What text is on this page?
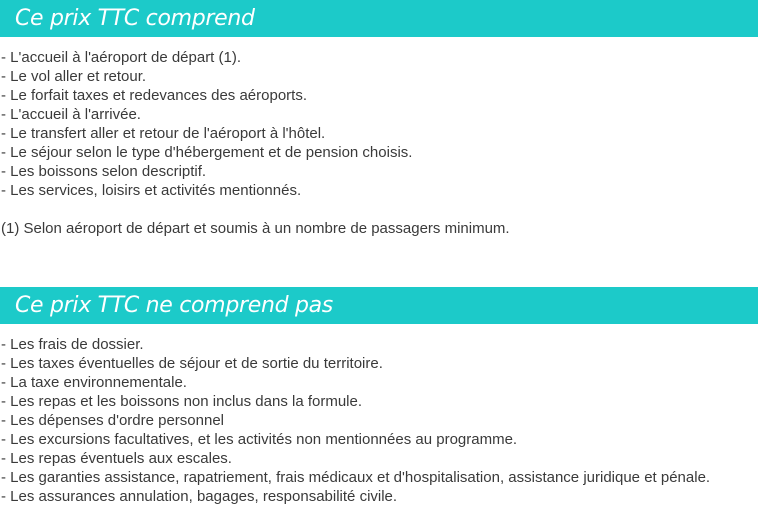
Ce prix TTC comprend
- L'accueil à l'aéroport de départ (1).
- Le vol aller et retour.
- Le forfait taxes et redevances des aéroports.
- L'accueil à l'arrivée.
- Le transfert aller et retour de l'aéroport à l'hôtel.
- Le séjour selon le type d'hébergement et de pension choisis.
- Les boissons selon descriptif.
- Les services, loisirs et activités mentionnés.

(1) Selon aéroport de départ et soumis à un nombre de passagers minimum.

Ce prix TTC ne comprend pas
- Les frais de dossier.
- Les taxes éventuelles de séjour et de sortie du territoire.
- La taxe environnementale.
- Les repas et les boissons non inclus dans la formule.
- Les dépenses d'ordre personnel
- Les excursions facultatives, et les activités non mentionnées au programme.
- Les repas éventuels aux escales.
- Les garanties assistance, rapatriement, frais médicaux et d'hospitalisation, assistance juridique et pénale.
- Les assurances annulation, bagages, responsabilité civile.
